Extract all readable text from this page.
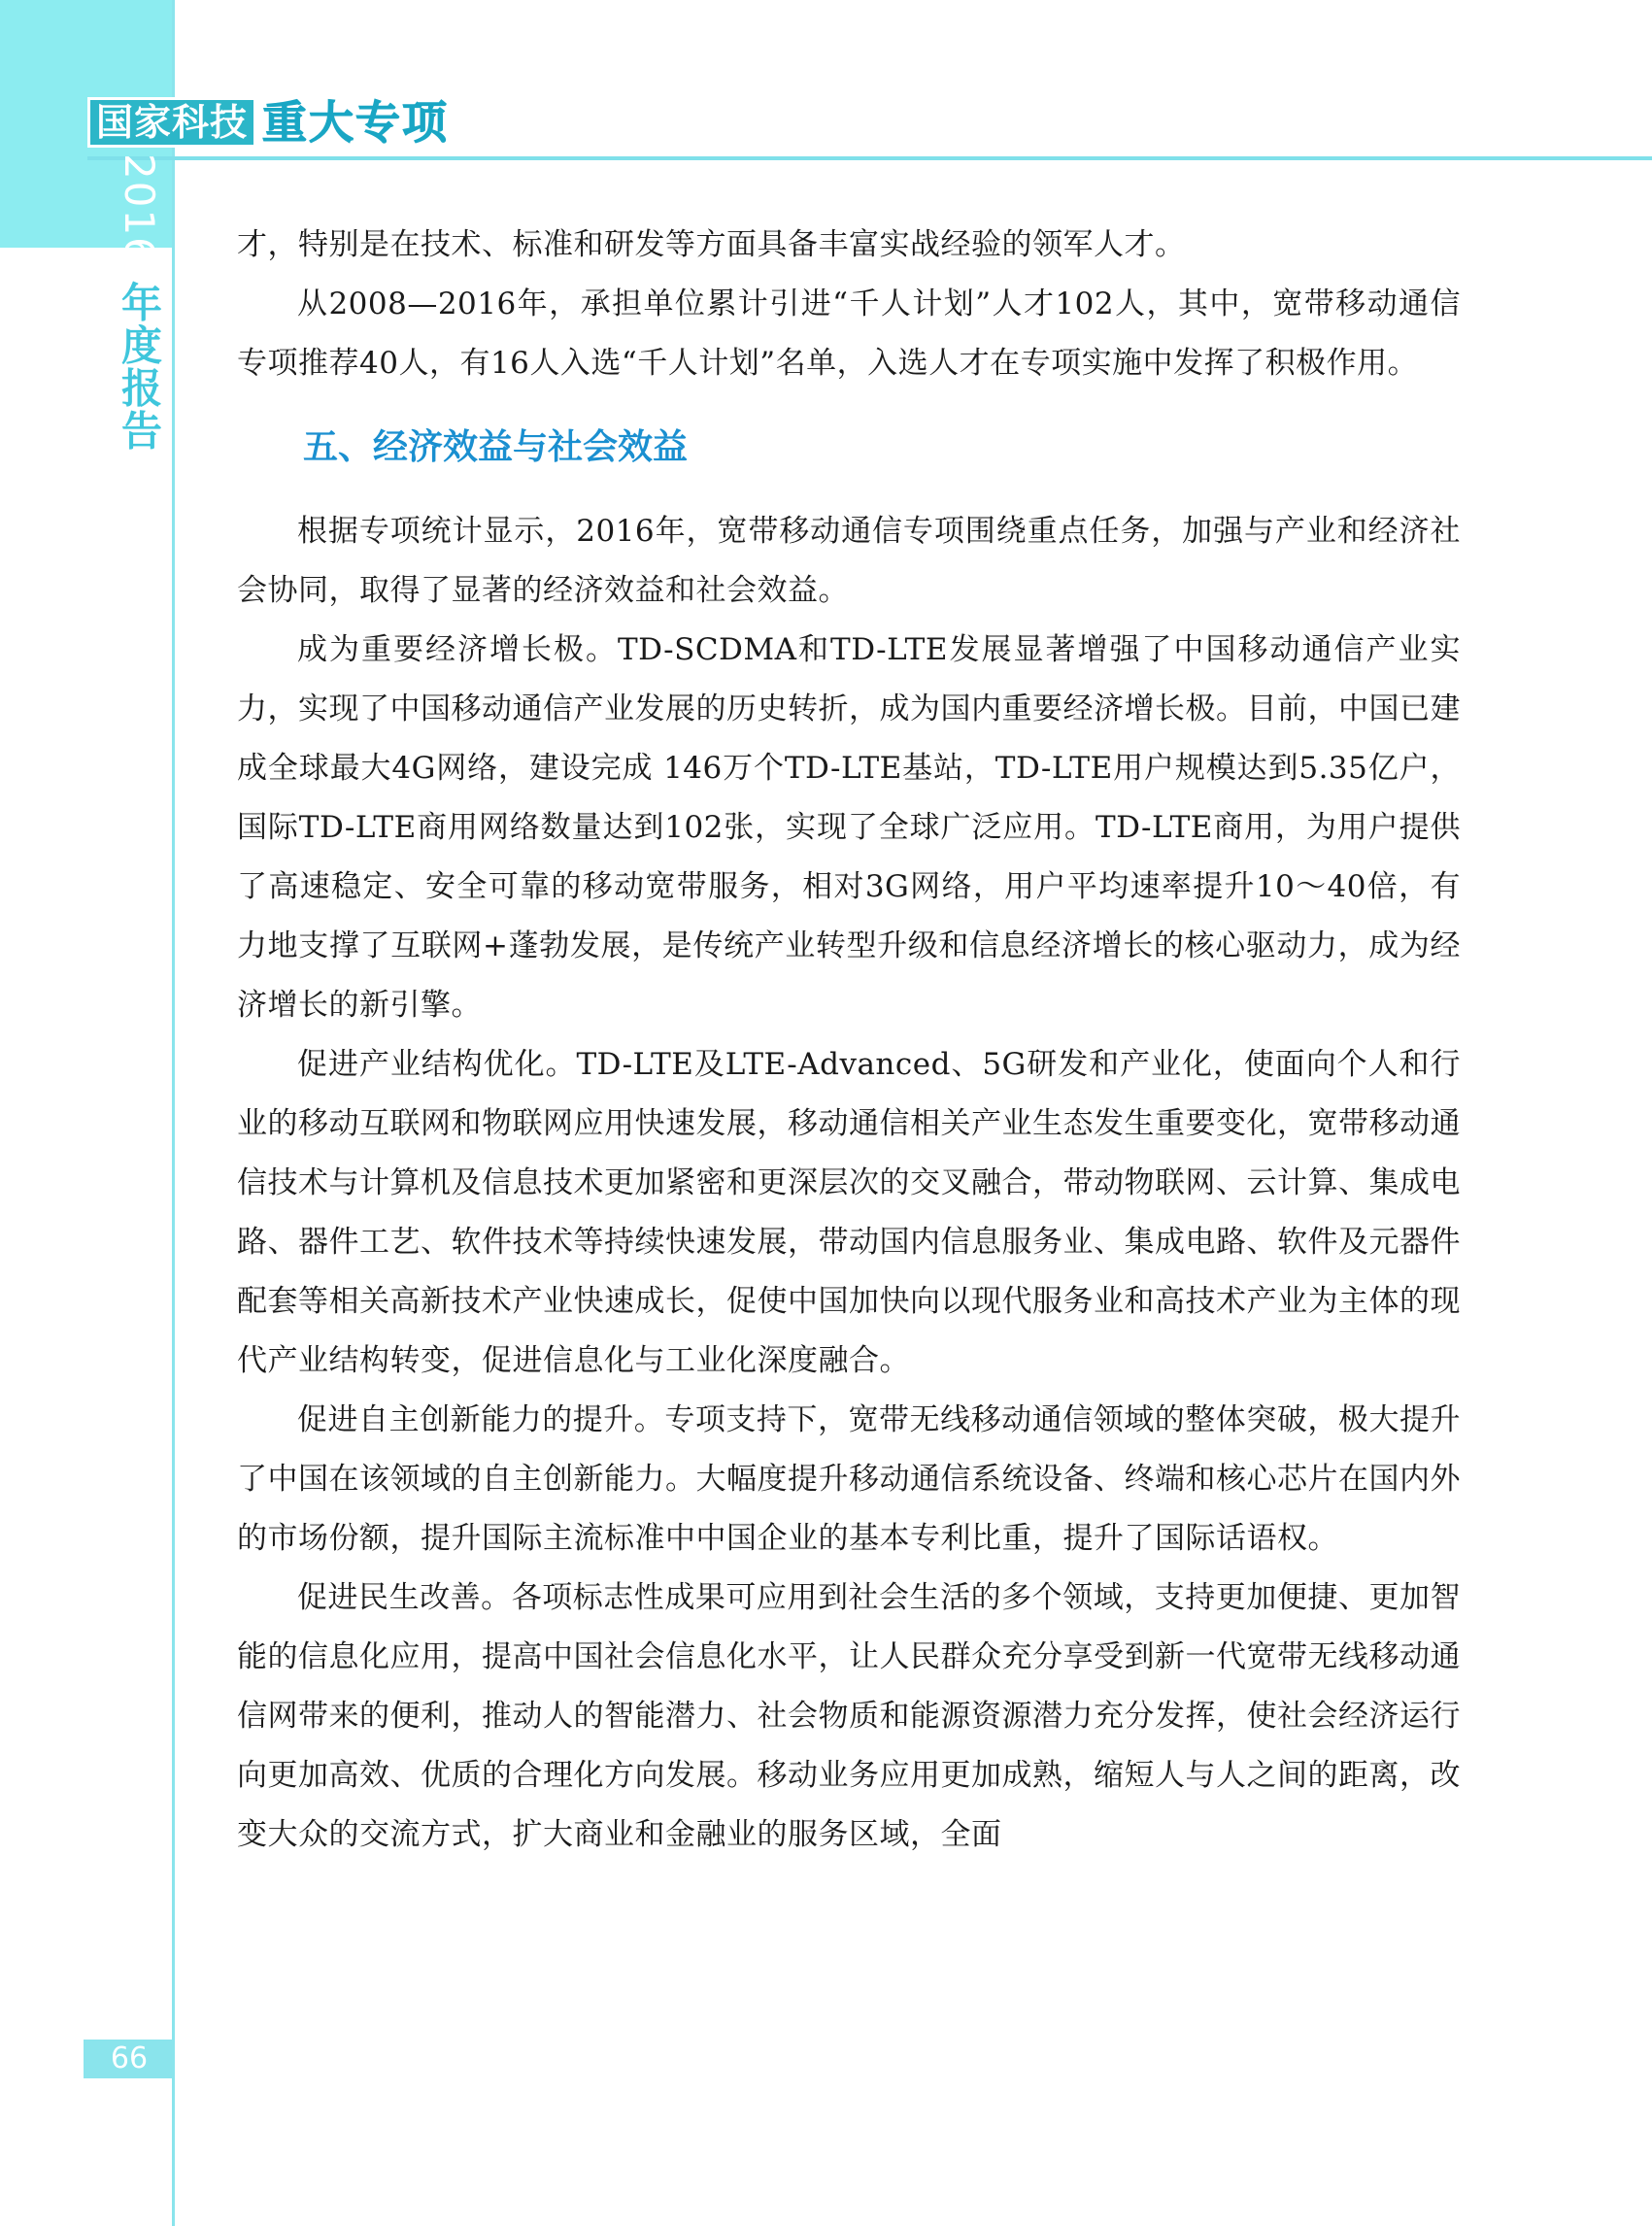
国家科技 重大专项
2016 年度报告

才，特别是在技术、标准和研发等方面具备丰富实战经验的领军人才。

从2008—2016年，承担单位累计引进“千人计划”人才102人，其中，宽带移动通信专项推荐40人，有16人入选“千人计划”名单，入选人才在专项实施中发挥了积极作用。

五、经济效益与社会效益

根据专项统计显示，2016年，宽带移动通信专项围绕重点任务，加强与产业和经济社会协同，取得了显著的经济效益和社会效益。

成为重要经济增长极。TD-SCDMA和TD-LTE发展显著增强了中国移动通信产业实力，实现了中国移动通信产业发展的历史转折，成为国内重要经济增长极。目前，中国已建成全球最大4G网络，建设完成 146万个TD-LTE基站，TD-LTE用户规模达到5.35亿户，国际TD-LTE商用网络数量达到102张，实现了全球广泛应用。TD-LTE商用，为用户提供了高速稳定、安全可靠的移动宽带服务，相对3G网络，用户平均速率提升10～40倍，有力地支撑了互联网+蓬勃发展，是传统产业转型升级和信息经济增长的核心驱动力，成为经济增长的新引擎。

促进产业结构优化。TD-LTE及LTE-Advanced、5G研发和产业化，使面向个人和行业的移动互联网和物联网应用快速发展，移动通信相关产业生态发生重要变化，宽带移动通信技术与计算机及信息技术更加紧密和更深层次的交叉融合，带动物联网、云计算、集成电路、器件工艺、软件技术等持续快速发展，带动国内信息服务业、集成电路、软件及元器件配套等相关高新技术产业快速成长，促使中国加快向以现代服务业和高技术产业为主体的现代产业结构转变，促进信息化与工业化深度融合。

促进自主创新能力的提升。专项支持下，宽带无线移动通信领域的整体突破，极大提升了中国在该领域的自主创新能力。大幅度提升移动通信系统设备、终端和核心芯片在国内外的市场份额，提升国际主流标准中中国企业的基本专利比重，提升了国际话语权。

促进民生改善。各项标志性成果可应用到社会生活的多个领域，支持更加便捷、更加智能的信息化应用，提高中国社会信息化水平，让人民群众充分享受到新一代宽带无线移动通信网带来的便利，推动人的智能潜力、社会物质和能源资源潜力充分发挥，使社会经济运行向更加高效、优质的合理化方向发展。移动业务应用更加成熟，缩短人与人之间的距离，改变大众的交流方式，扩大商业和金融业的服务区域，全面

66
